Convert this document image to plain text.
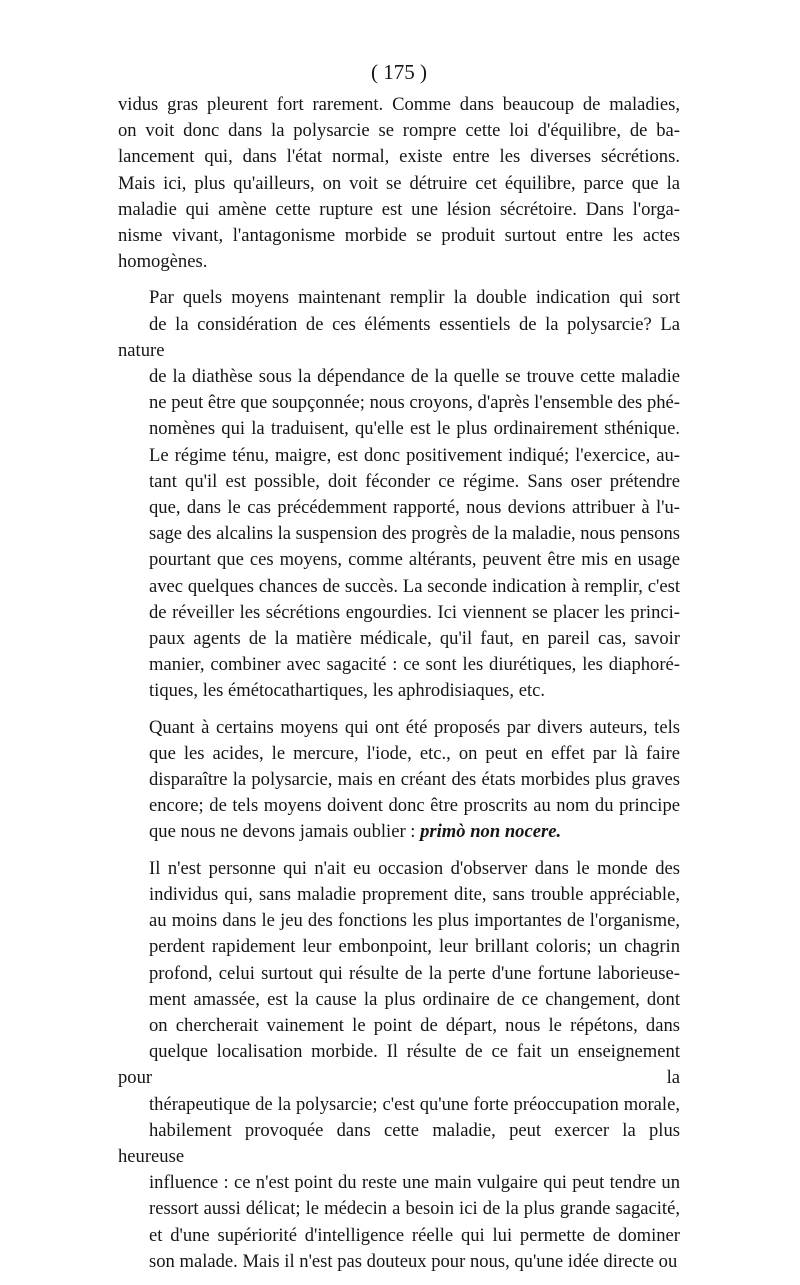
( 175 )
vidus gras pleurent fort rarement. Comme dans beaucoup de maladies,
on voit donc dans la polysarcie se rompre cette loi d'équilibre, de ba-
lancement qui, dans l'état normal, existe entre les diverses sécrétions.
Mais ici, plus qu'ailleurs, on voit se détruire cet équilibre, parce que la
maladie qui amène cette rupture est une lésion sécrétoire. Dans l'orga-
nisme vivant, l'antagonisme morbide se produit surtout entre les actes
homogènes.
Par quels moyens maintenant remplir la double indication qui sort
de la considération de ces éléments essentiels de la polysarcie? La nature
de la diathèse sous la dépendance de la quelle se trouve cette maladie
ne peut être que soupçonnée; nous croyons, d'après l'ensemble des phé-
nomènes qui la traduisent, qu'elle est le plus ordinairement sthénique.
Le régime ténu, maigre, est donc positivement indiqué; l'exercice, au-
tant qu'il est possible, doit féconder ce régime. Sans oser prétendre
que, dans le cas précédemment rapporté, nous devions attribuer à l'u-
sage des alcalins la suspension des progrès de la maladie, nous pensons
pourtant que ces moyens, comme altérants, peuvent être mis en usage
avec quelques chances de succès. La seconde indication à remplir, c'est
de réveiller les sécrétions engourdies. Ici viennent se placer les princi-
paux agents de la matière médicale, qu'il faut, en pareil cas, savoir
manier, combiner avec sagacité : ce sont les diurétiques, les diaphoré-
tiques, les émétocathartiques, les aphrodisiaques, etc.
Quant à certains moyens qui ont été proposés par divers auteurs, tels
que les acides, le mercure, l'iode, etc., on peut en effet par là faire
disparaître la polysarcie, mais en créant des états morbides plus graves
encore; de tels moyens doivent donc être proscrits au nom du principe
que nous ne devons jamais oublier : primò non nocere.
Il n'est personne qui n'ait eu occasion d'observer dans le monde des
individus qui, sans maladie proprement dite, sans trouble appréciable,
au moins dans le jeu des fonctions les plus importantes de l'organisme,
perdent rapidement leur embonpoint, leur brillant coloris; un chagrin
profond, celui surtout qui résulte de la perte d'une fortune laborieuse-
ment amassée, est la cause la plus ordinaire de ce changement, dont
on chercherait vainement le point de départ, nous le répétons, dans
quelque localisation morbide. Il résulte de ce fait un enseignement pour la
thérapeutique de la polysarcie; c'est qu'une forte préoccupation morale,
habilement provoquée dans cette maladie, peut exercer la plus heureuse
influence : ce n'est point du reste une main vulgaire qui peut tendre un
ressort aussi délicat; le médecin a besoin ici de la plus grande sagacité,
et d'une supériorité d'intelligence réelle qui lui permette de dominer
son malade. Mais il n'est pas douteux pour nous, qu'une idée directe ou
